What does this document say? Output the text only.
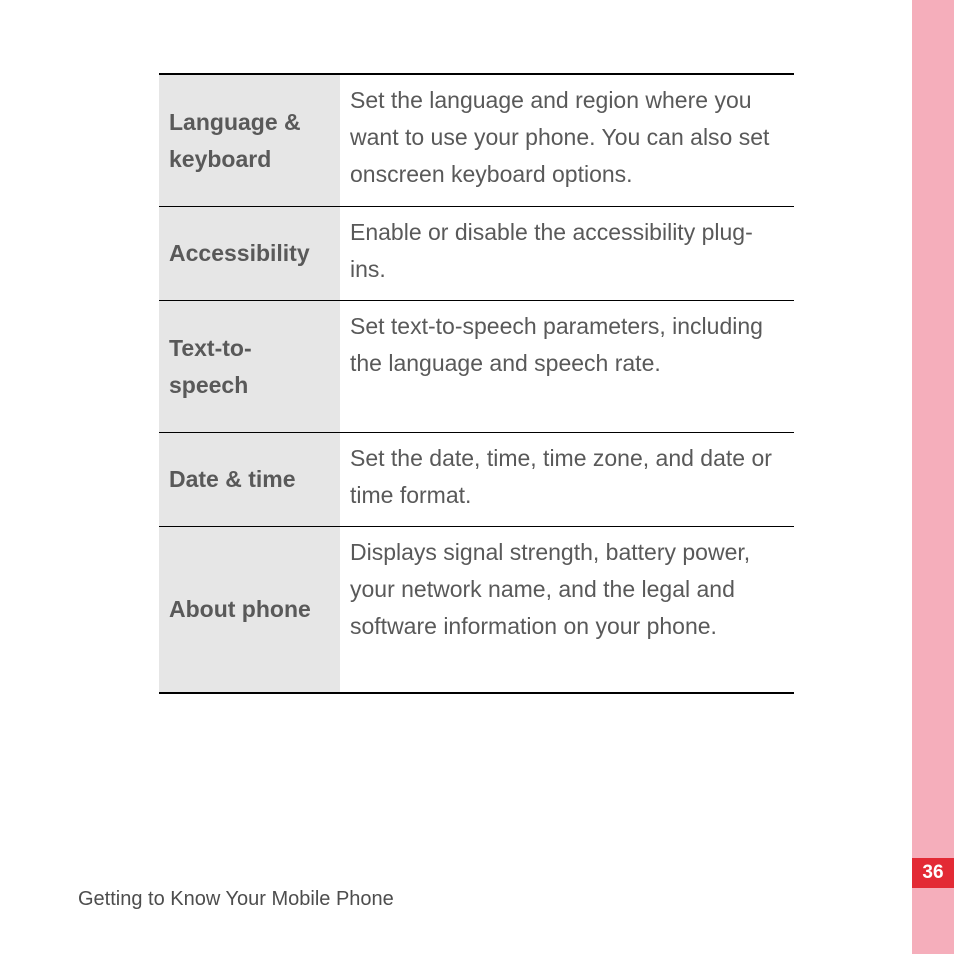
36
Language & keyboard
Set the language and region where you want to use your phone. You can also set onscreen keyboard options.
Accessibility
Enable or disable the accessibility plug-ins.
Text-to-speech
Set text-to-speech parameters, including the language and speech rate.
Date & time
Set the date, time, time zone, and date or time format.
About phone
Displays signal strength, battery power, your network name, and the legal and software information on your phone.
Getting to Know Your Mobile Phone
